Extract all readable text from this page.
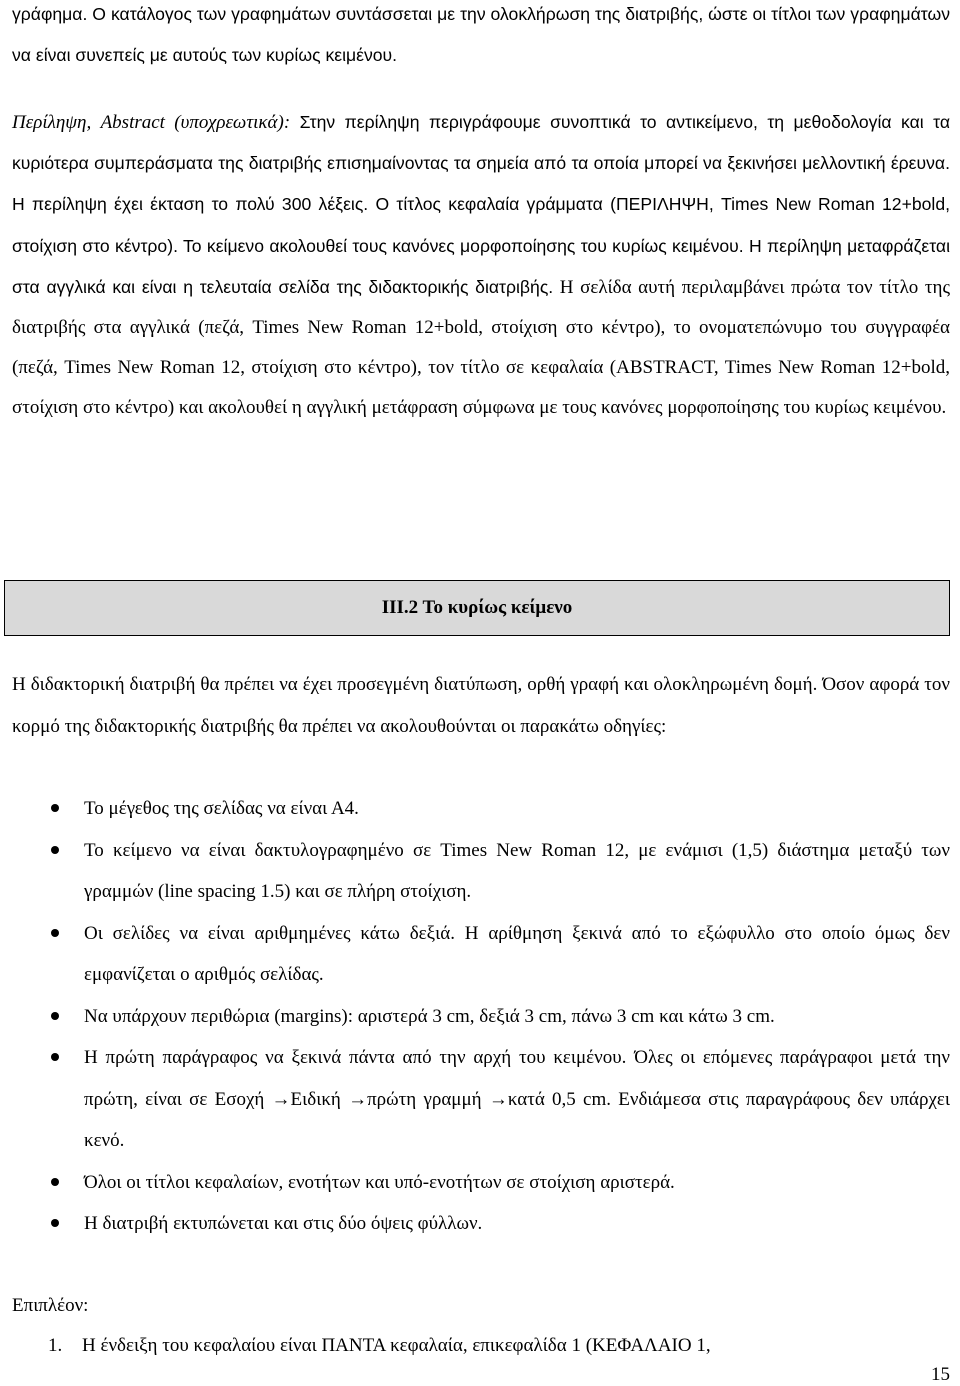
γράφημα. Ο κατάλογος των γραφημάτων συντάσσεται με την ολοκλήρωση της διατριβής, ώστε οι τίτλοι των γραφημάτων να είναι συνεπείς με αυτούς των κυρίως κειμένου.

Περίληψη, Abstract (υποχρεωτικά): Στην περίληψη περιγράφουμε συνοπτικά το αντικείμενο, τη μεθοδολογία και τα κυριότερα συμπεράσματα της διατριβής επισημαίνοντας τα σημεία από τα οποία μπορεί να ξεκινήσει μελλοντική έρευνα. Η περίληψη έχει έκταση το πολύ 300 λέξεις. Ο τίτλος κεφαλαία γράμματα (ΠΕΡΙΛΗΨΗ, Times New Roman 12+bold, στοίχιση στο κέντρο). Το κείμενο ακολουθεί τους κανόνες μορφοποίησης του κυρίως κειμένου. Η περίληψη μεταφράζεται στα αγγλικά και είναι η τελευταία σελίδα της διδακτορικής διατριβής. Η σελίδα αυτή περιλαμβάνει πρώτα τον τίτλο της διατριβής στα αγγλικά (πεζά, Times New Roman 12+bold, στοίχιση στο κέντρο), το ονοματεπώνυμο του συγγραφέα (πεζά, Times New Roman 12, στοίχιση στο κέντρο), τον τίτλο σε κεφαλαία (ABSTRACT, Times New Roman 12+bold, στοίχιση στο κέντρο) και ακολουθεί η αγγλική μετάφραση σύμφωνα με τους κανόνες μορφοποίησης του κυρίως κειμένου.

ΙΙΙ.2 Το κυρίως κείμενο

Η διδακτορική διατριβή θα πρέπει να έχει προσεγμένη διατύπωση, ορθή γραφή και ολοκληρωμένη δομή. Όσον αφορά τον κορμό της διδακτορικής διατριβής θα πρέπει να ακολουθούνται οι παρακάτω οδηγίες:

Το μέγεθος της σελίδας να είναι Α4.
Το κείμενο να είναι δακτυλογραφημένο σε Times New Roman 12, με ενάμισι (1,5) διάστημα μεταξύ των γραμμών (line spacing 1.5) και σε πλήρη στοίχιση.
Οι σελίδες να είναι αριθμημένες κάτω δεξιά. Η αρίθμηση ξεκινά από το εξώφυλλο στο οποίο όμως δεν εμφανίζεται ο αριθμός σελίδας.
Να υπάρχουν περιθώρια (margins): αριστερά 3 cm, δεξιά 3 cm, πάνω 3 cm και κάτω 3 cm.
Η πρώτη παράγραφος να ξεκινά πάντα από την αρχή του κειμένου. Όλες οι επόμενες παράγραφοι μετά την πρώτη, είναι σε Εσοχή →Ειδική →πρώτη γραμμή →κατά 0,5 cm. Ενδιάμεσα στις παραγράφους δεν υπάρχει κενό.
Όλοι οι τίτλοι κεφαλαίων, ενοτήτων και υπό-ενοτήτων σε στοίχιση αριστερά.
Η διατριβή εκτυπώνεται και στις δύο όψεις φύλλων.
Επιπλέον:
1. Η ένδειξη του κεφαλαίου είναι ΠΑΝΤΑ κεφαλαία, επικεφαλίδα 1 (ΚΕΦΑΛΑΙΟ 1,
15
